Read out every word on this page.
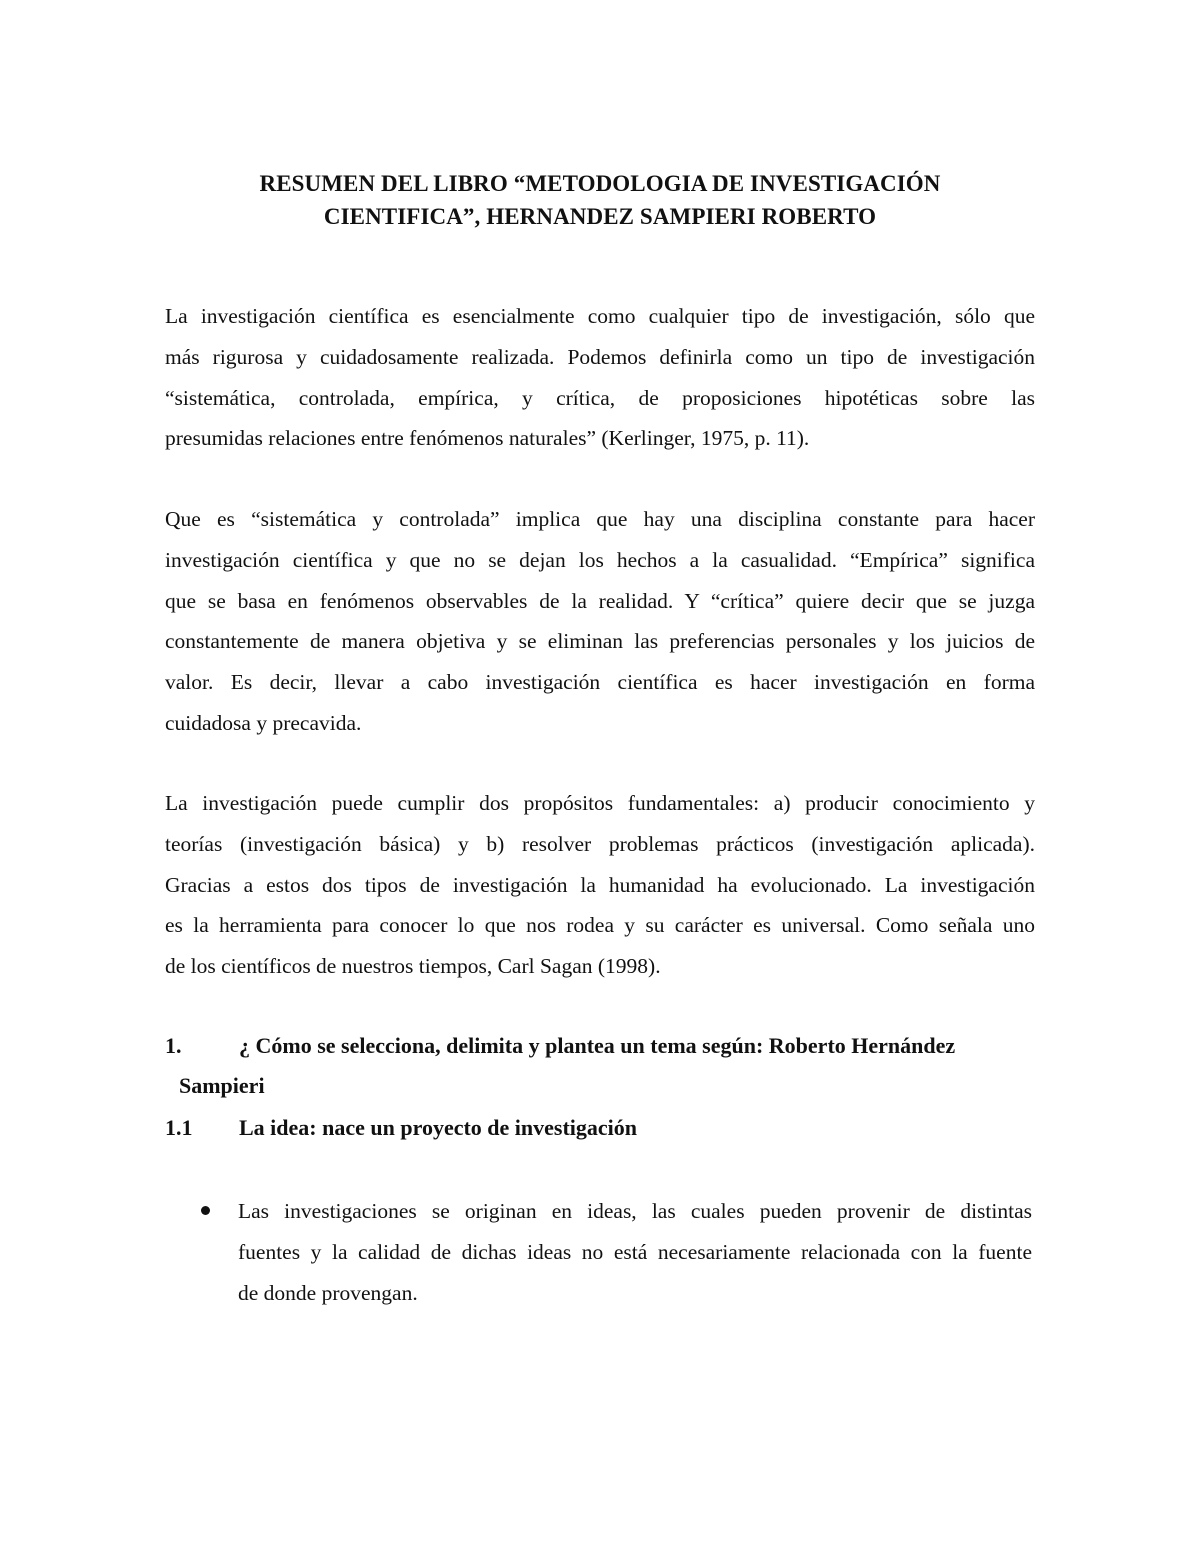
RESUMEN DEL LIBRO “METODOLOGIA DE INVESTIGACIÓN
CIENTIFICA”, HERNANDEZ SAMPIERI ROBERTO
La investigación científica es esencialmente como cualquier tipo de investigación, sólo que
más rigurosa y cuidadosamente realizada. Podemos definirla como un tipo de investigación
“sistemática, controlada, empírica, y crítica, de proposiciones hipotéticas sobre las
presumidas relaciones entre fenómenos naturales” (Kerlinger, 1975, p. 11).
Que es “sistemática y controlada” implica que hay una disciplina constante para hacer
investigación científica y que no se dejan los hechos a la casualidad. “Empírica” significa
que se basa en fenómenos observables de la realidad. Y “crítica” quiere decir que se juzga
constantemente de manera objetiva y se eliminan las preferencias personales y los juicios de
valor. Es decir, llevar a cabo investigación científica es hacer investigación en forma
cuidadosa y precavida.
La investigación puede cumplir dos propósitos fundamentales: a) producir conocimiento y
teorías (investigación básica) y b) resolver problemas prácticos (investigación aplicada).
Gracias a estos dos tipos de investigación la humanidad ha evolucionado. La investigación
es la herramienta para conocer lo que nos rodea y su carácter es universal. Como señala uno
de los científicos de nuestros tiempos, Carl Sagan (1998).
1.	¿ Cómo se selecciona, delimita y plantea un tema según: Roberto Hernández
Sampieri
1.1 La idea: nace un proyecto de investigación
Las investigaciones se originan en ideas, las cuales pueden provenir de distintas
fuentes y la calidad de dichas ideas no está necesariamente relacionada con la fuente
de donde provengan.
